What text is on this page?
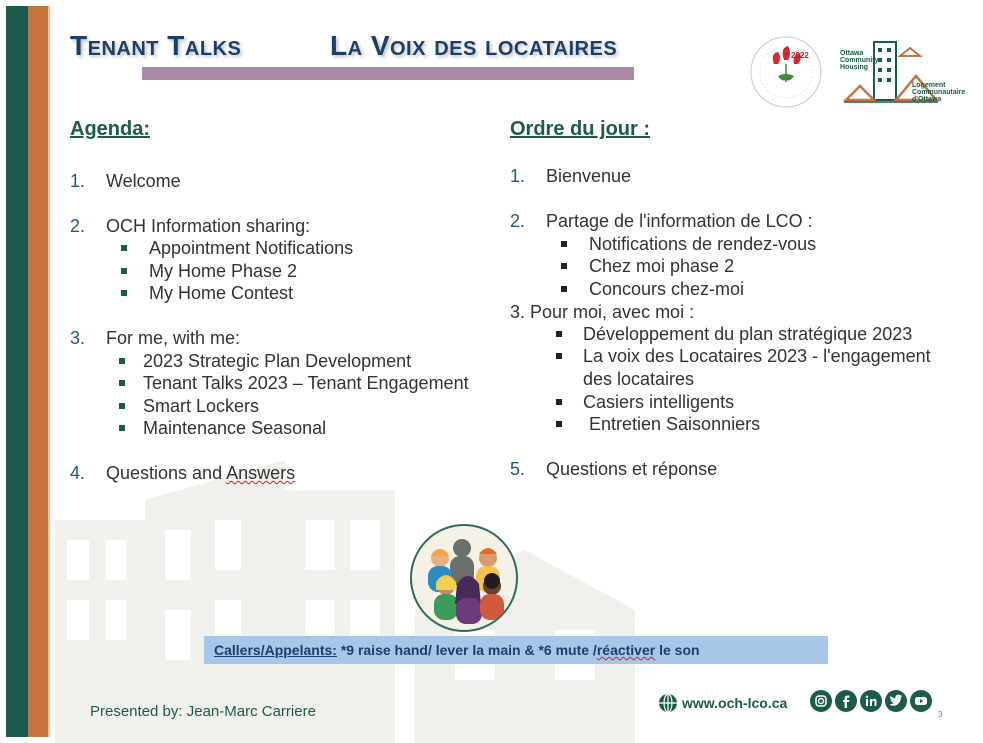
Tenant Talks	La Voix des locataires	2022	Ottawa
Community
Housing
Logement
Communautaire
d'Ottawa
Agenda:
1. Welcome
2. OCH Information sharing:
Appointment Notifications
My Home Phase 2
My Home Contest
3. For me, with me:
2023 Strategic Plan Development
Tenant Talks 2023 – Tenant Engagement
Smart Lockers
Maintenance Seasonal
4. Questions and Answers
Ordre du jour :
1. Bienvenue
2. Partage de l'information de LCO :
Notifications de rendez-vous
Chez moi phase 2
Concours chez-moi
3. Pour moi, avec moi :
Développement du plan stratégique 2023
La voix des Locataires 2023 - l'engagement
des locataires
Casiers intelligents
Entretien Saisonniers
5. Questions et réponse
Callers/Appelants: *9 raise hand/ lever la main & *6 mute /réactiver le son
Presented by: Jean-Marc Carriere	www.och-lco.ca
3
